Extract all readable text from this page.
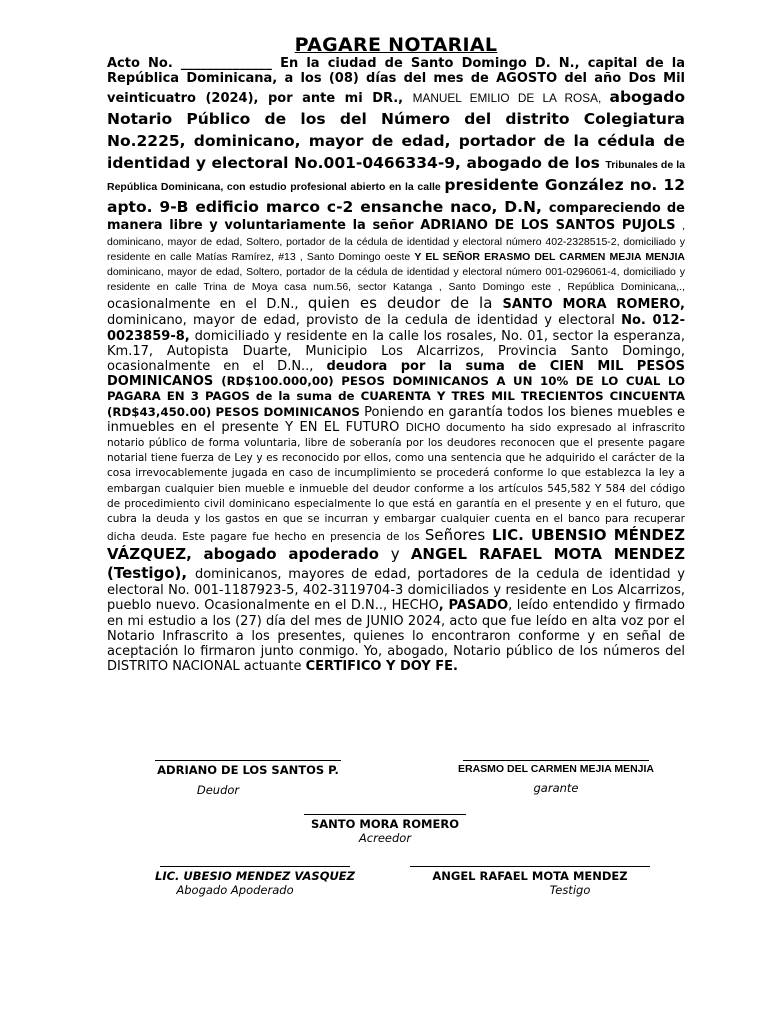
PAGARE NOTARIAL

Acto No. ______________ En la ciudad de Santo Domingo D. N., capital de la República Dominicana, a los (08) días del mes de AGOSTO del año Dos Mil veinticuatro (2024), por ante mi DR., MANUEL EMILIO DE LA ROSA, abogado Notario Público de los del Número del distrito Colegiatura No.2225, dominicano, mayor de edad, portador de la cédula de identidad y electoral No.001-0466334-9, abogado de los Tribunales de la República Dominicana, con estudio profesional abierto en la calle presidente González no. 12 apto. 9-B edificio marco c-2 ensanche naco, D.N, compareciendo de manera libre y voluntariamente la señor ADRIANO DE LOS SANTOS PUJOLS , dominicano, mayor de edad, Soltero, portador de la cédula de identidad y electoral número 402-2328515-2, domiciliado y residente en calle Matías Ramírez, #13 , Santo Domingo oeste Y EL SEÑOR ERASMO DEL CARMEN MEJIA MENJIA dominicano, mayor de edad, Soltero, portador de la cédula de identidad y electoral número 001-0296061-4, domiciliado y residente en calle Trina de Moya casa num.56, sector Katanga , Santo Domingo este , República Dominicana,., ocasionalmente en el D.N., quien es deudor de la SANTO MORA ROMERO, dominicano, mayor de edad, provisto de la cedula de identidad y electoral No. 012-0023859-8, domiciliado y residente en la calle los rosales, No. 01, sector la esperanza, Km.17, Autopista Duarte, Municipio Los Alcarrizos, Provincia Santo Domingo, ocasionalmente en el D.N.., deudora por la suma de CIEN MIL PESOS DOMINICANOS (RD$100.000,00) PESOS DOMINICANOS A UN 10% DE LO CUAL LO PAGARA EN 3 PAGOS de la suma de CUARENTA Y TRES MIL TRECIENTOS CINCUENTA (RD$43,450.00) PESOS DOMINICANOS Poniendo en garantía todos los bienes muebles e inmuebles en el presente Y EN EL FUTURO DICHO documento ha sido expresado al infrascrito notario público de forma voluntaria, libre de soberanía por los deudores reconocen que el presente pagare notarial tiene fuerza de Ley y es reconocido por ellos, como una sentencia que he adquirido el carácter de la cosa irrevocablemente jugada en caso de incumplimiento se procederá conforme lo que establezca la ley a embargan cualquier bien mueble e inmueble del deudor conforme a los artículos 545,582 Y 584 del código de procedimiento civil dominicano especialmente lo que está en garantía en el presente y en el futuro, que cubra la deuda y los gastos en que se incurran y embargar cualquier cuenta en el banco para recuperar dicha deuda. Este pagare fue hecho en presencia de los Señores LIC. UBENSIO MÉNDEZ VÁZQUEZ, abogado apoderado y ANGEL RAFAEL MOTA MENDEZ (Testigo), dominicanos, mayores de edad, portadores de la cedula de identidad y electoral No. 001-1187923-5, 402-3119704-3 domiciliados y residente en Los Alcarrizos, pueblo nuevo. Ocasionalmente en el D.N.., HECHO, PASADO, leído entendido y firmado en mi estudio a los (27) día del mes de JUNIO 2024, acto que fue leído en alta voz por el Notario Infrascrito a los presentes, quienes lo encontraron conforme y en señal de aceptación lo firmaron junto conmigo. Yo, abogado, Notario público de los números del DISTRITO NACIONAL actuante CERTIFICO Y DOY FE.

ADRIANO DE LOS SANTOS P.
Deudor
ERASMO DEL CARMEN MEJIA MENJIA
garante
SANTO MORA ROMERO
Acreedor
LIC. UBESIO MENDEZ VASQUEZ
Abogado Apoderado
ANGEL RAFAEL MOTA MENDEZ
Testigo
